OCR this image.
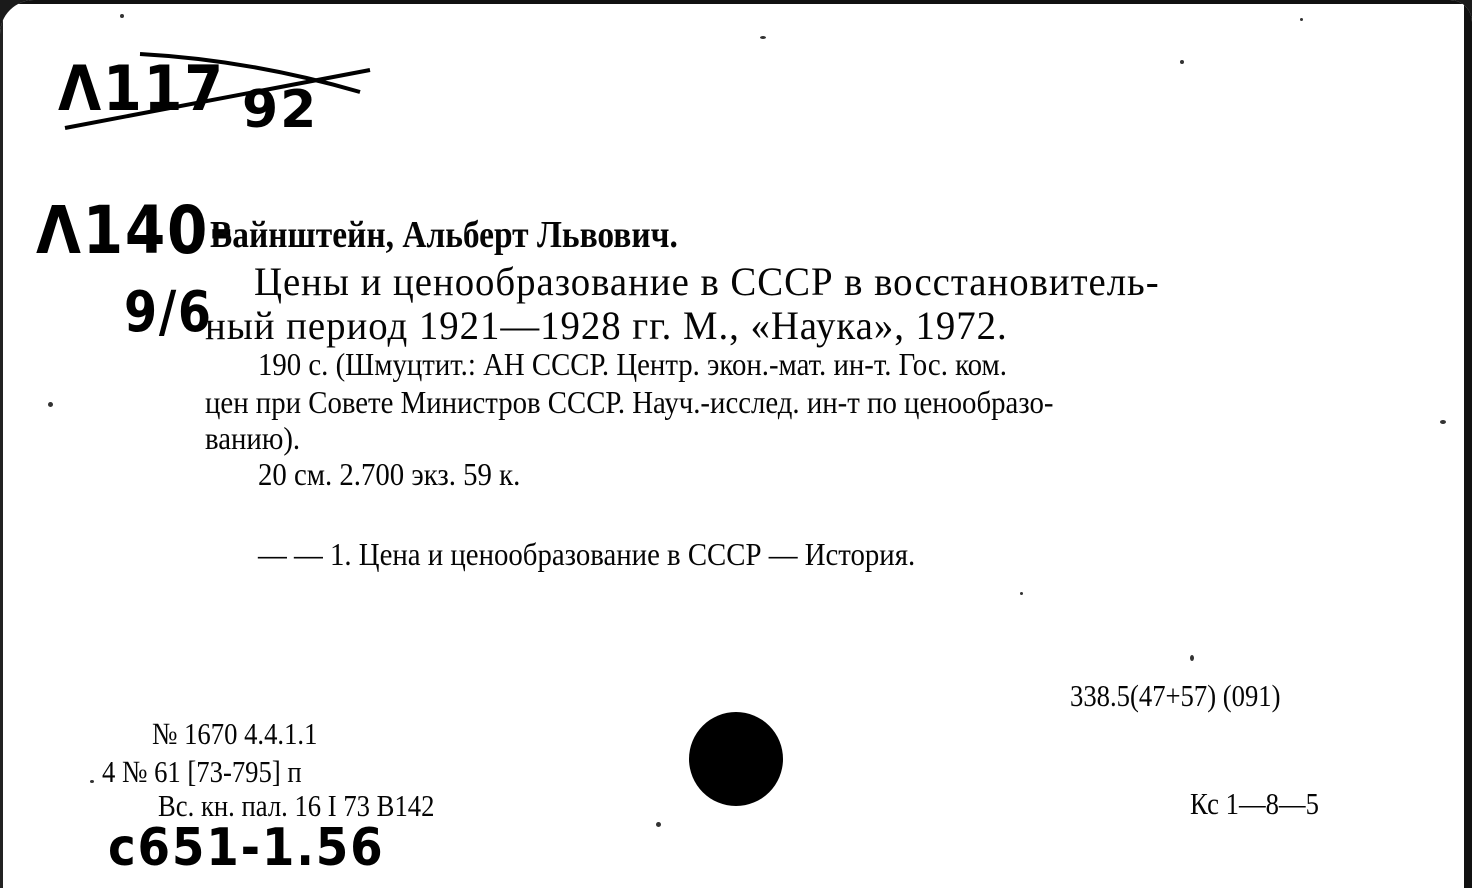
Λ117 92
Λ140-
9/6
Вайнштейн, Альберт Львович.
Цены и ценообразование в СССР в восстановитель-
ный период 1921—1928 гг. М., «Наука», 1972.
190 с. (Шмуцтит.: АН СССР. Центр. экон.-мат. ин-т. Гос. ком.
цен при Совете Министров СССР. Науч.-исслед. ин-т по ценообразо-
ванию).
20 см. 2.700 экз. 59 к.
— — 1. Цена и ценообразование в СССР — История.
338.5(47+57) (091)
№ 1670 4.4.1.1
4 № 61 [73-795] п
Вс. кн. пал. 16 I 73 В142	Кс 1—8—5
c651-1.56
